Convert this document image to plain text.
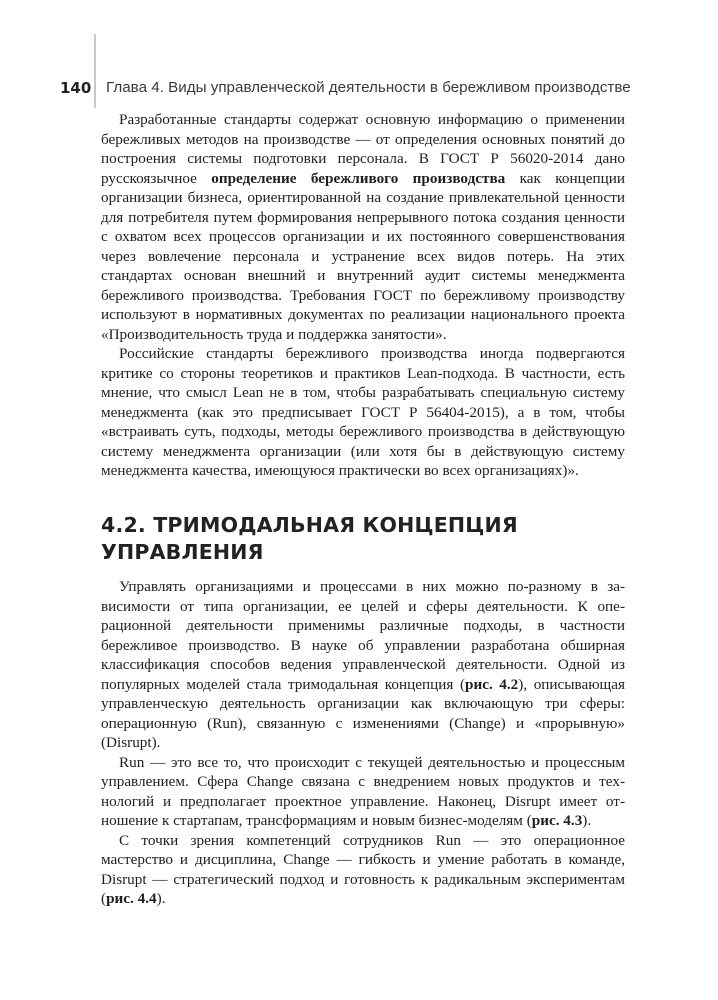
140 Глава 4. Виды управленческой деятельности в бережливом производстве

Разработанные стандарты содержат основную информацию о применении бережливых методов на производстве — от определения основных понятий до построения системы подготовки персонала. В ГОСТ Р 56020-2014 дано русскоязычное определение бережливого производства как концепции организации бизнеса, ориентированной на создание привлекательной ценности для потребителя путем формирования непрерывного потока создания ценности с охватом всех процессов организации и их постоянного совершенствования через вовлечение персонала и устранение всех видов потерь. На этих стандартах основан внешний и внутренний аудит системы менеджмента бережливого производства. Требования ГОСТ по бережливому производству используют в нормативных документах по реализации национального проекта «Производительность труда и поддержка занятости».

Российские стандарты бережливого производства иногда подвергаются критике со стороны теоретиков и практиков Lean-подхода. В частности, есть мнение, что смысл Lean не в том, чтобы разрабатывать специальную систему менеджмента (как это предписывает ГОСТ Р 56404-2015), а в том, чтобы «встраивать суть, подходы, методы бережливого производства в действующую систему менеджмента организации (или хотя бы в действующую систему менеджмента качества, имеющуюся практически во всех организациях)».

4.2. ТРИМОДАЛЬНАЯ КОНЦЕПЦИЯ УПРАВЛЕНИЯ

Управлять организациями и процессами в них можно по-разному в зависимости от типа организации, ее целей и сферы деятельности. К операционной деятельности применимы различные подходы, в частности бережливое производство. В науке об управлении разработана обширная классификация способов ведения управленческой деятельности. Одной из популярных моделей стала тримодальная концепция (рис. 4.2), описывающая управленческую деятельность организации как включающую три сферы: операционную (Run), связанную с изменениями (Change) и «прорывную» (Disrupt).

Run — это все то, что происходит с текущей деятельностью и процессным управлением. Сфера Change связана с внедрением новых продуктов и технологий и предполагает проектное управление. Наконец, Disrupt имеет отношение к стартапам, трансформациям и новым бизнес-моделям (рис. 4.3).

С точки зрения компетенций сотрудников Run — это операционное мастерство и дисциплина, Change — гибкость и умение работать в команде, Disrupt — стратегический подход и готовность к радикальным экспериментам (рис. 4.4).
